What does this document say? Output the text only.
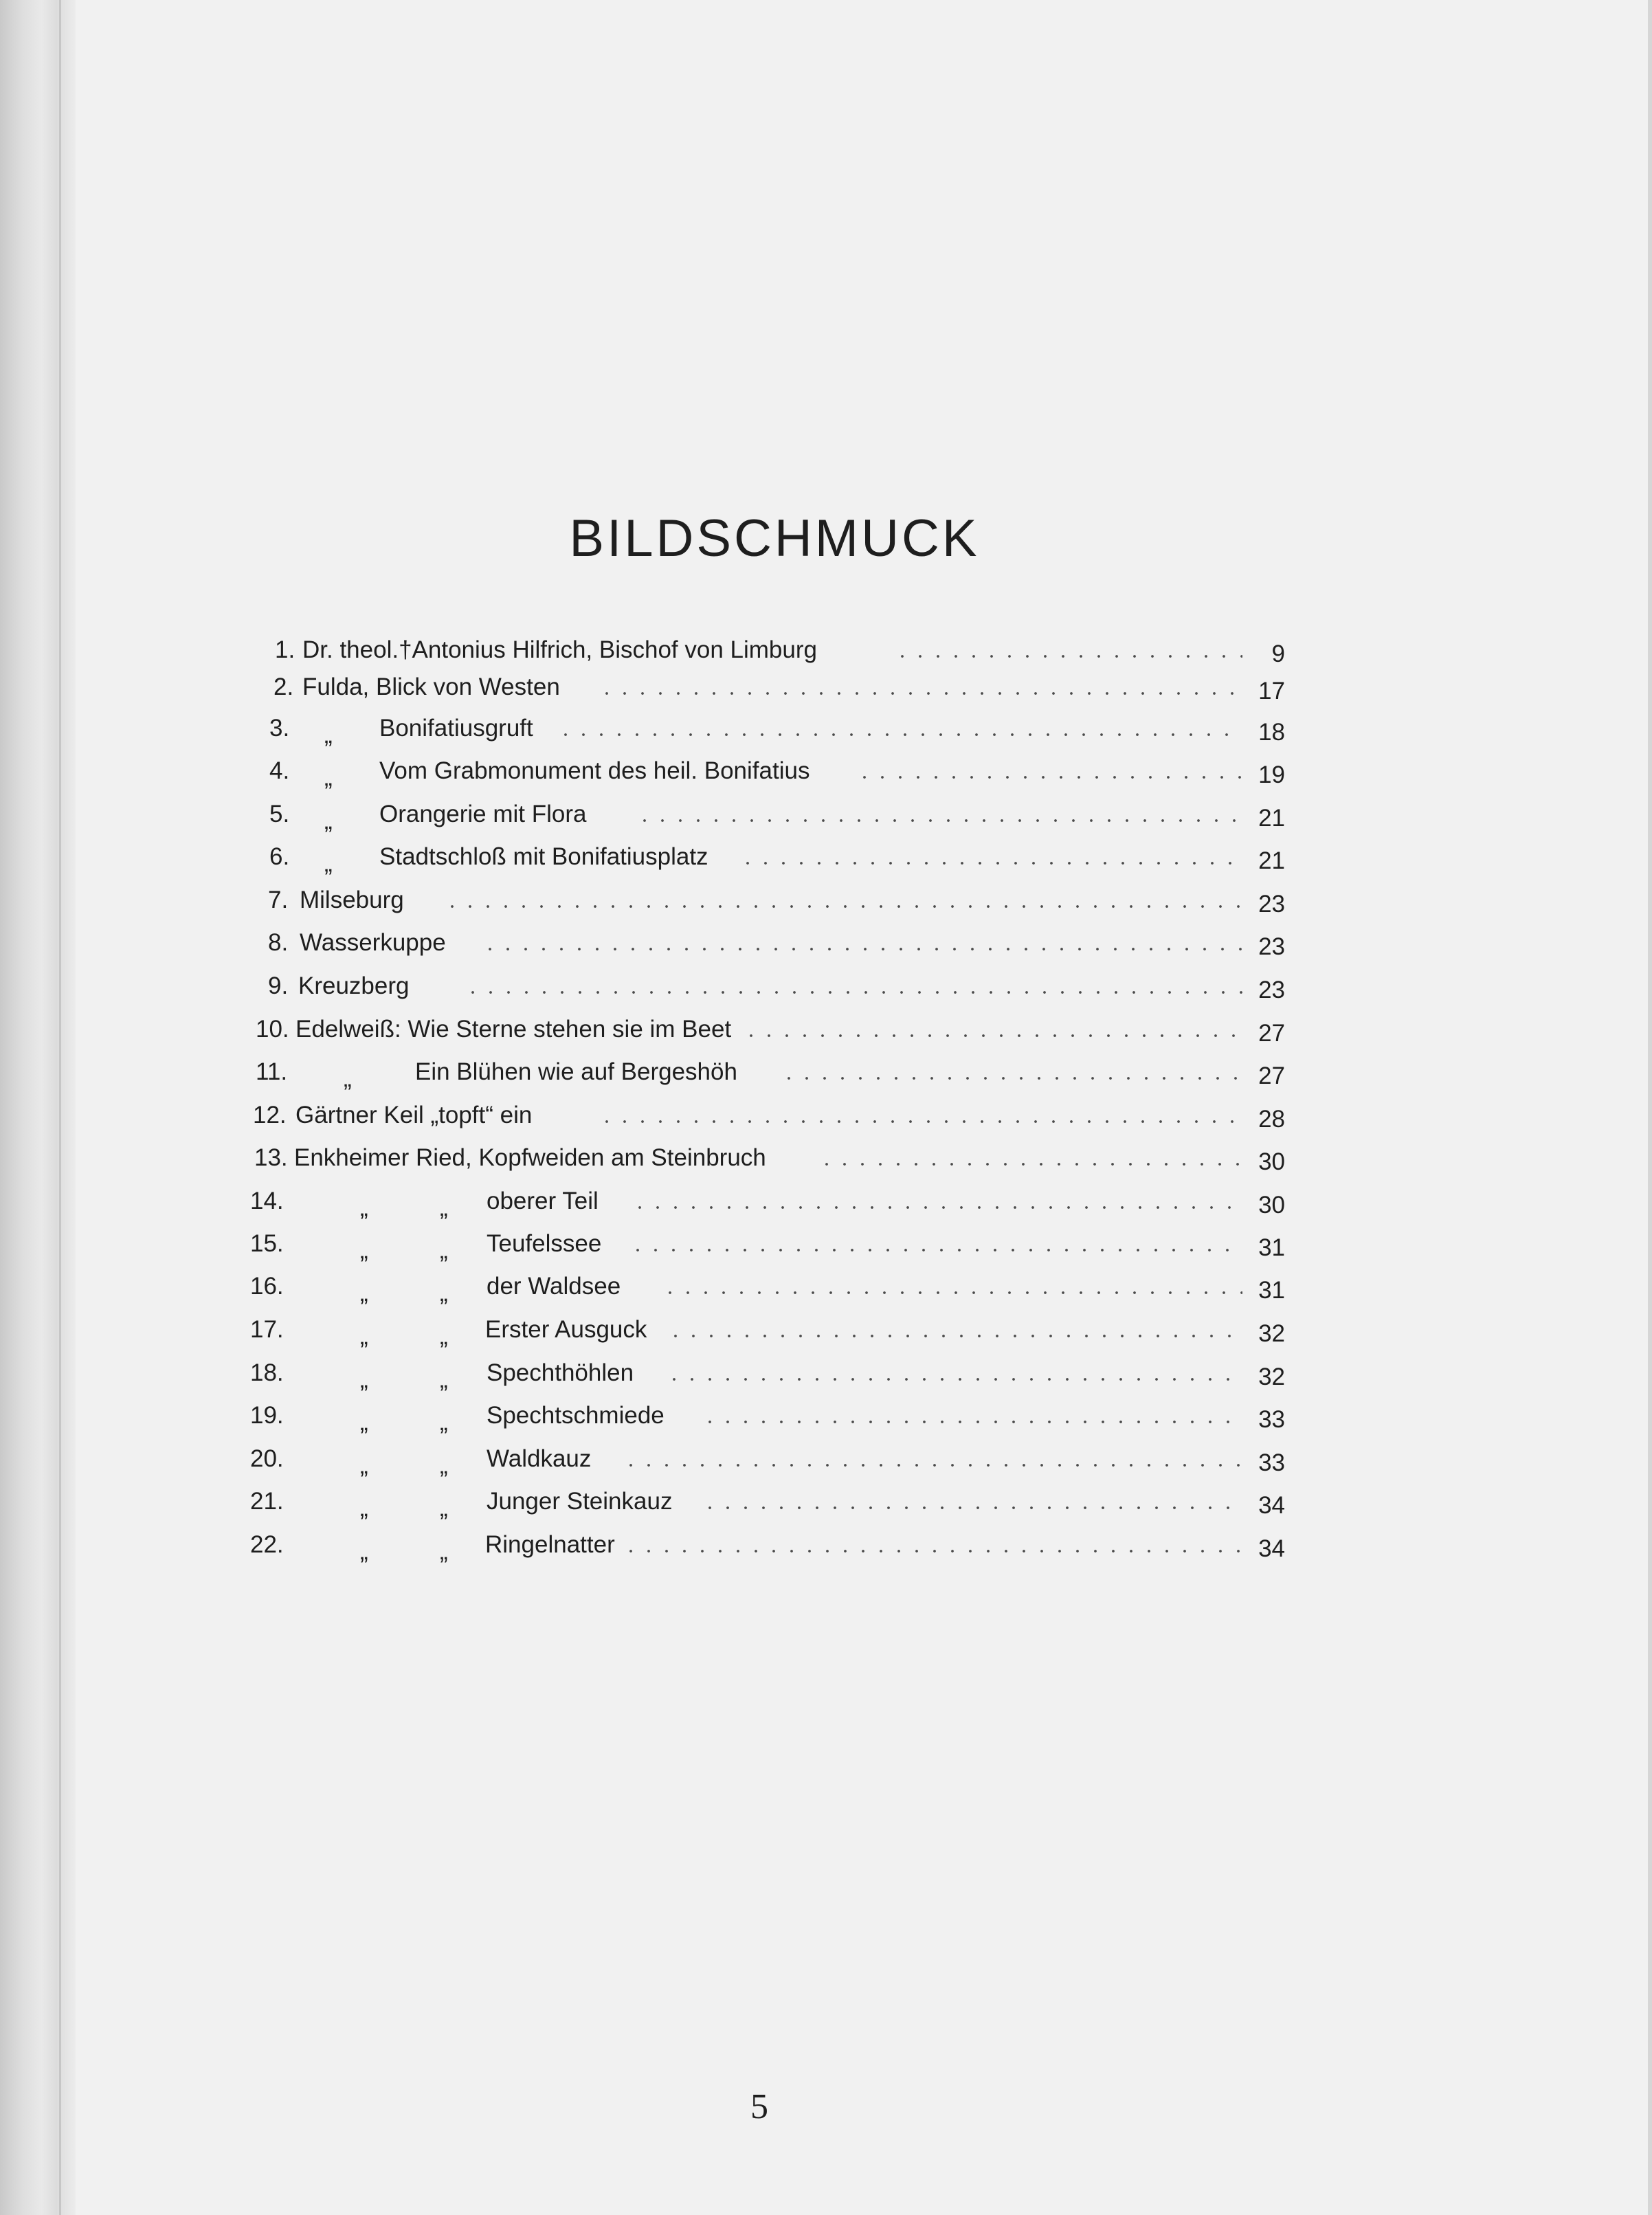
BILDSCHMUCK
1. Dr. theol.†Antonius Hilfrich, Bischof von Limburg	9
2. Fulda, Blick von Westen	17
3.	„ Bonifatiusgruft	18
4.	„ Vom Grabmonument des heil. Bonifatius	19
5.	„ Orangerie mit Flora	21
6.	„ Stadtschloß mit Bonifatiusplatz	21
7. Milseburg	23
8. Wasserkuppe	23
9. Kreuzberg	23
10. Edelweiß: Wie Sterne stehen sie im Beet	27
11.	„	Ein Blühen wie auf Bergeshöh	27
12. Gärtner Keil „topft“ ein	28
13. Enkheimer Ried, Kopfweiden am Steinbruch	30
14.	„	„ oberer Teil	30
15.	„	„ Teufelssee	31
16.	„	„ der Waldsee	31
17.	„	„ Erster Ausguck	32
18.	„	„ Spechthöhlen	32
19.	„	„ Spechtschmiede	33
20.	„	„ Waldkauz	33
21.	„	„ Junger Steinkauz	34
22.	„	„ Ringelnatter	34
5
